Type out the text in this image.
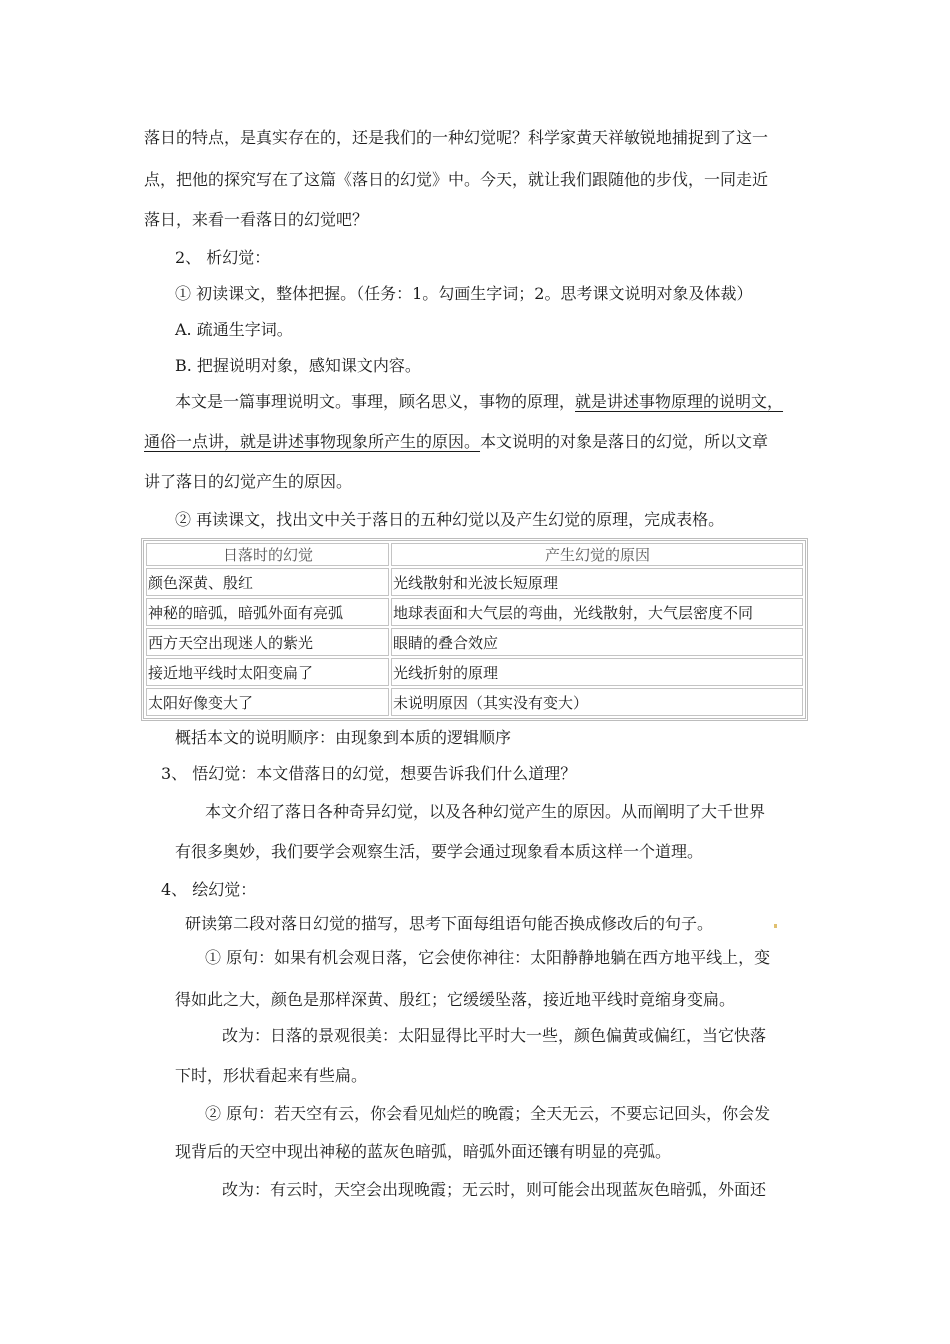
落日的特点，是真实存在的，还是我们的一种幻觉呢？科学家黄天祥敏锐地捕捉到了这一
点，把他的探究写在了这篇《落日的幻觉》中。今天，就让我们跟随他的步伐，一同走近
落日，来看一看落日的幻觉吧？
2、 析幻觉：
① 初读课文，整体把握。（任务：1。勾画生字词；2。思考课文说明对象及体裁）
A. 疏通生字词。
B. 把握说明对象，感知课文内容。
本文是一篇事理说明文。事理，顾名思义，事物的原理，就是讲述事物原理的说明文，
通俗一点讲，就是讲述事物现象所产生的原因。本文说明的对象是落日的幻觉，所以文章
讲了落日的幻觉产生的原因。
② 再读课文，找出文中关于落日的五种幻觉以及产生幻觉的原理，完成表格。
日落时的幻觉	产生幻觉的原因
颜色深黄、殷红	光线散射和光波长短原理
神秘的暗弧，暗弧外面有亮弧	地球表面和大气层的弯曲，光线散射，大气层密度不同
西方天空出现迷人的紫光	眼睛的叠合效应
接近地平线时太阳变扁了	光线折射的原理
太阳好像变大了	未说明原因（其实没有变大）
概括本文的说明顺序：由现象到本质的逻辑顺序
3、 悟幻觉：本文借落日的幻觉，想要告诉我们什么道理？
本文介绍了落日各种奇异幻觉，以及各种幻觉产生的原因。从而阐明了大千世界
有很多奥妙，我们要学会观察生活，要学会通过现象看本质这样一个道理。
4、 绘幻觉：
研读第二段对落日幻觉的描写，思考下面每组语句能否换成修改后的句子。
① 原句：如果有机会观日落，它会使你神往：太阳静静地躺在西方地平线上，变
得如此之大，颜色是那样深黄、殷红；它缓缓坠落，接近地平线时竟缩身变扁。
改为：日落的景观很美：太阳显得比平时大一些，颜色偏黄或偏红，当它快落
下时，形状看起来有些扁。
② 原句：若天空有云，你会看见灿烂的晚霞；全天无云，不要忘记回头，你会发
现背后的天空中现出神秘的蓝灰色暗弧，暗弧外面还镶有明显的亮弧。
改为：有云时，天空会出现晚霞；无云时，则可能会出现蓝灰色暗弧，外面还
